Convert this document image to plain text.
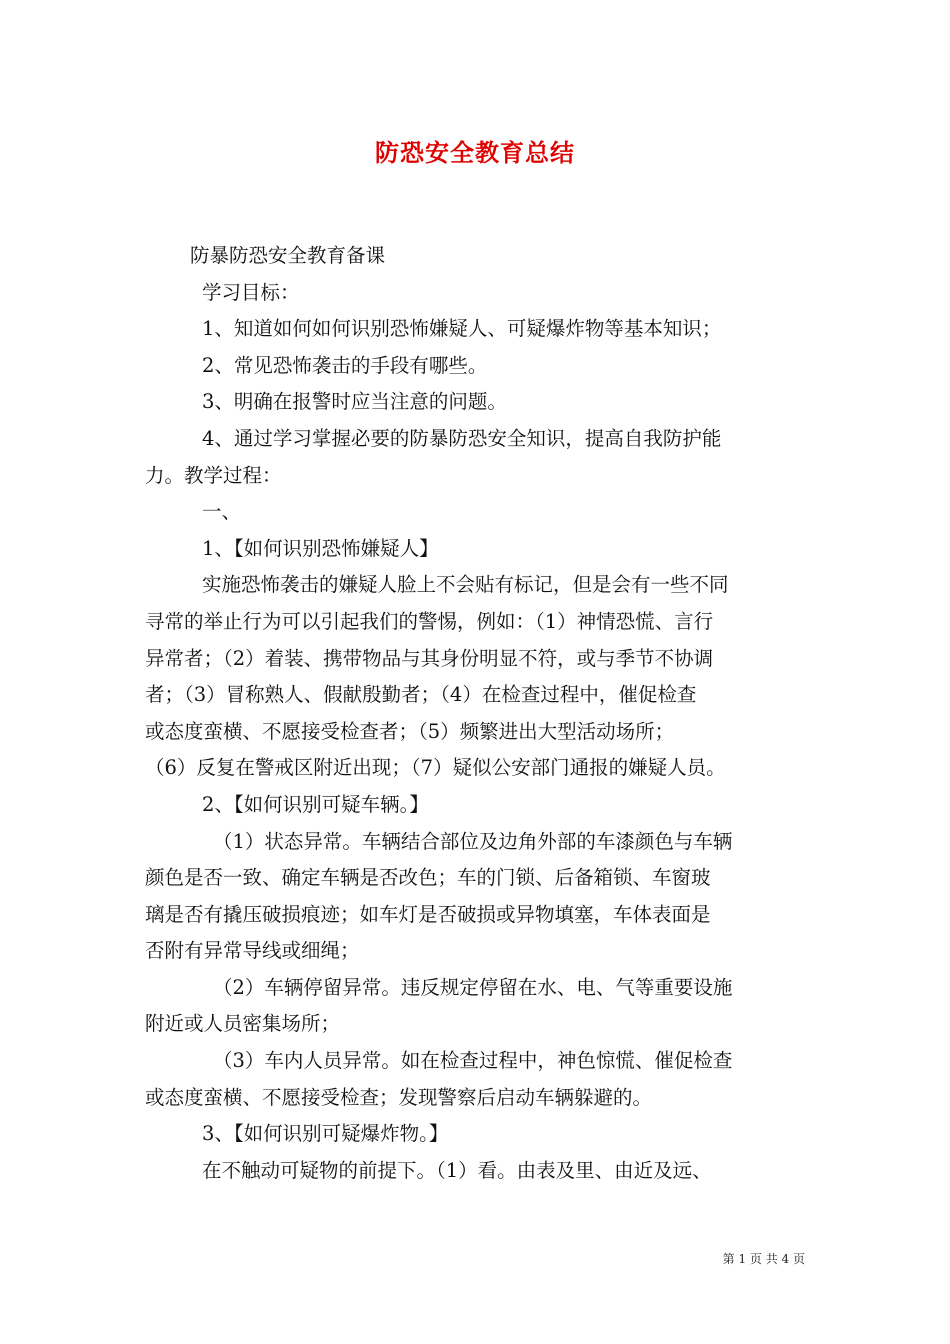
防恐安全教育总结

防暴防恐安全教育备课

学习目标：

1、知道如何如何识别恐怖嫌疑人、可疑爆炸物等基本知识；

2、常见恐怖袭击的手段有哪些。

3、明确在报警时应当注意的问题。

4、通过学习掌握必要的防暴防恐安全知识，提高自我防护能

力。教学过程：

一、

1、【如何识别恐怖嫌疑人】

实施恐怖袭击的嫌疑人脸上不会贴有标记，但是会有一些不同

寻常的举止行为可以引起我们的警惕，例如：（1）神情恐慌、言行

异常者；（2）着装、携带物品与其身份明显不符，或与季节不协调

者；（3）冒称熟人、假献殷勤者；（4）在检查过程中，催促检查

或态度蛮横、不愿接受检查者；（5）频繁进出大型活动场所；

（6）反复在警戒区附近出现；（7）疑似公安部门通报的嫌疑人员。

2、【如何识别可疑车辆。】

（1）状态异常。车辆结合部位及边角外部的车漆颜色与车辆

颜色是否一致、确定车辆是否改色；车的门锁、后备箱锁、车窗玻

璃是否有撬压破损痕迹；如车灯是否破损或异物填塞，车体表面是

否附有异常导线或细绳；

（2）车辆停留异常。违反规定停留在水、电、气等重要设施

附近或人员密集场所；

（3）车内人员异常。如在检查过程中，神色惊慌、催促检查

或态度蛮横、不愿接受检查；发现警察后启动车辆躲避的。

3、【如何识别可疑爆炸物。】

在不触动可疑物的前提下。（1）看。由表及里、由近及远、

第 1 页 共 4 页
